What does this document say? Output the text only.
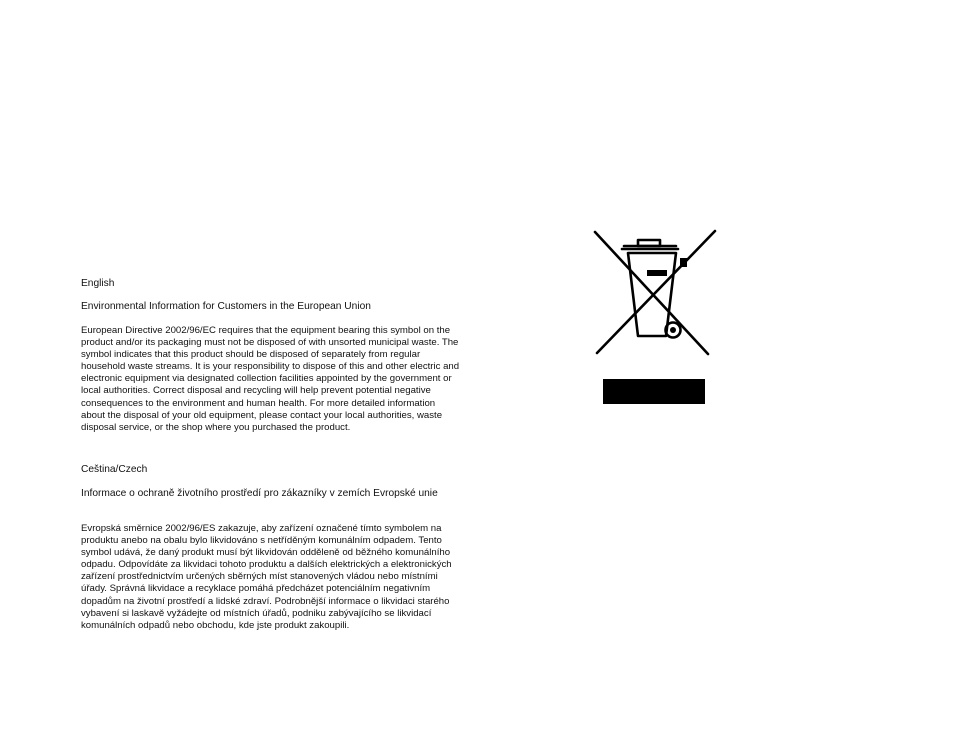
English
Environmental Information for Customers in the European Union
European Directive 2002/96/EC requires that the equipment bearing this symbol on the product and/or its packaging must not be disposed of with unsorted municipal waste. The symbol indicates that this product should be disposed of separately from regular household waste streams. It is your responsibility to dispose of this and other electric and electronic equipment via designated collection facilities appointed by the government or local authorities. Correct disposal and recycling will help prevent potential negative consequences to the environment and human health. For more detailed information about the disposal of your old equipment, please contact your local authorities, waste disposal service, or the shop where you purchased the product.
Ceština/Czech
Informace o ochraně životního prostředí pro zákazníky v zemích Evropské unie
Evropská směrnice 2002/96/ES zakazuje, aby zařízení označené tímto symbolem na produktu anebo na obalu bylo likvidováno s netříděným komunálním odpadem. Tento symbol udává, že daný produkt musí být likvidován odděleně od běžného komunálního odpadu. Odpovídáte za likvidaci tohoto produktu a dalších elektrických a elektronických zařízení prostřednictvím určených sběrných míst stanovených vládou nebo místními úřady. Správná likvidace a recyklace pomáhá předcházet potenciálním negativním dopadům na životní prostředí a lidské zdraví. Podrobnější informace o likvidaci starého vybavení si laskavě vyžádejte od místních úřadů, podniku zabývajícího se likvidací komunálních odpadů nebo obchodu, kde jste produkt zakoupili.
